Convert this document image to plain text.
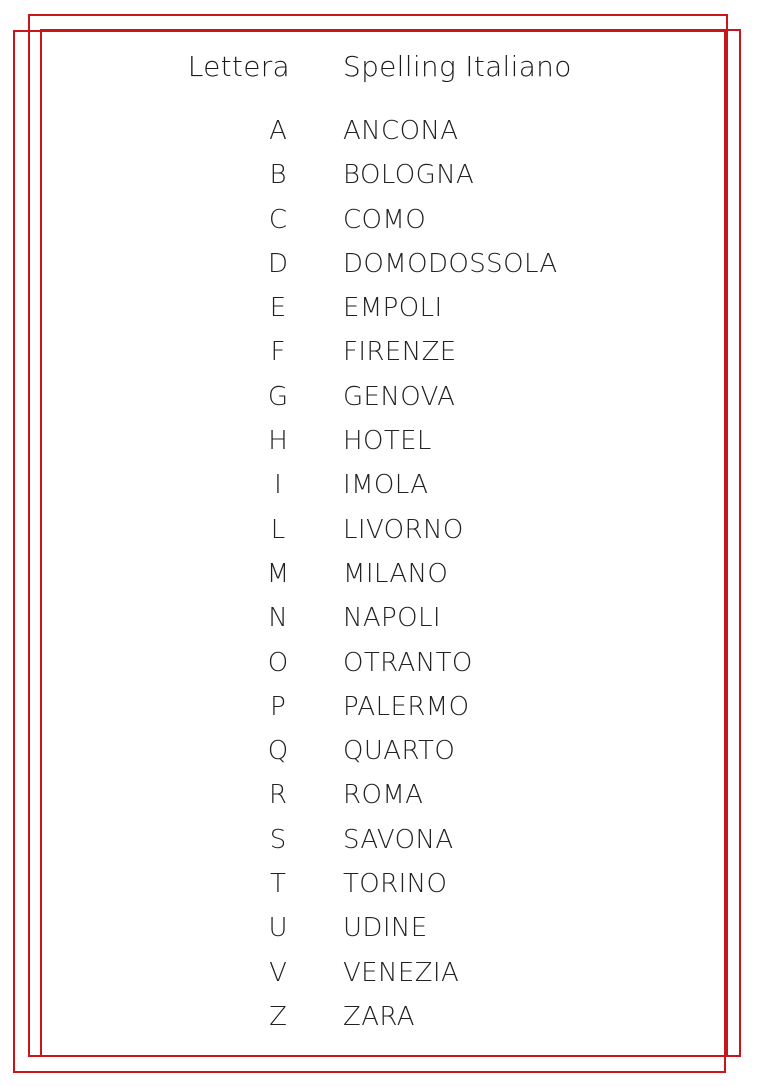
Lettera Spelling Italiano
A	ANCONA
B	BOLOGNA
C	COMO
D	DOMODOSSOLA
E	EMPOLI
F	FIRENZE
G	GENOVA
H	HOTEL
I	IMOLA
L	LIVORNO
M	MILANO
N	NAPOLI
O	OTRANTO
P	PALERMO
Q	QUARTO
R	ROMA
S	SAVONA
T	TORINO
U	UDINE
V	VENEZIA
Z	ZARA
